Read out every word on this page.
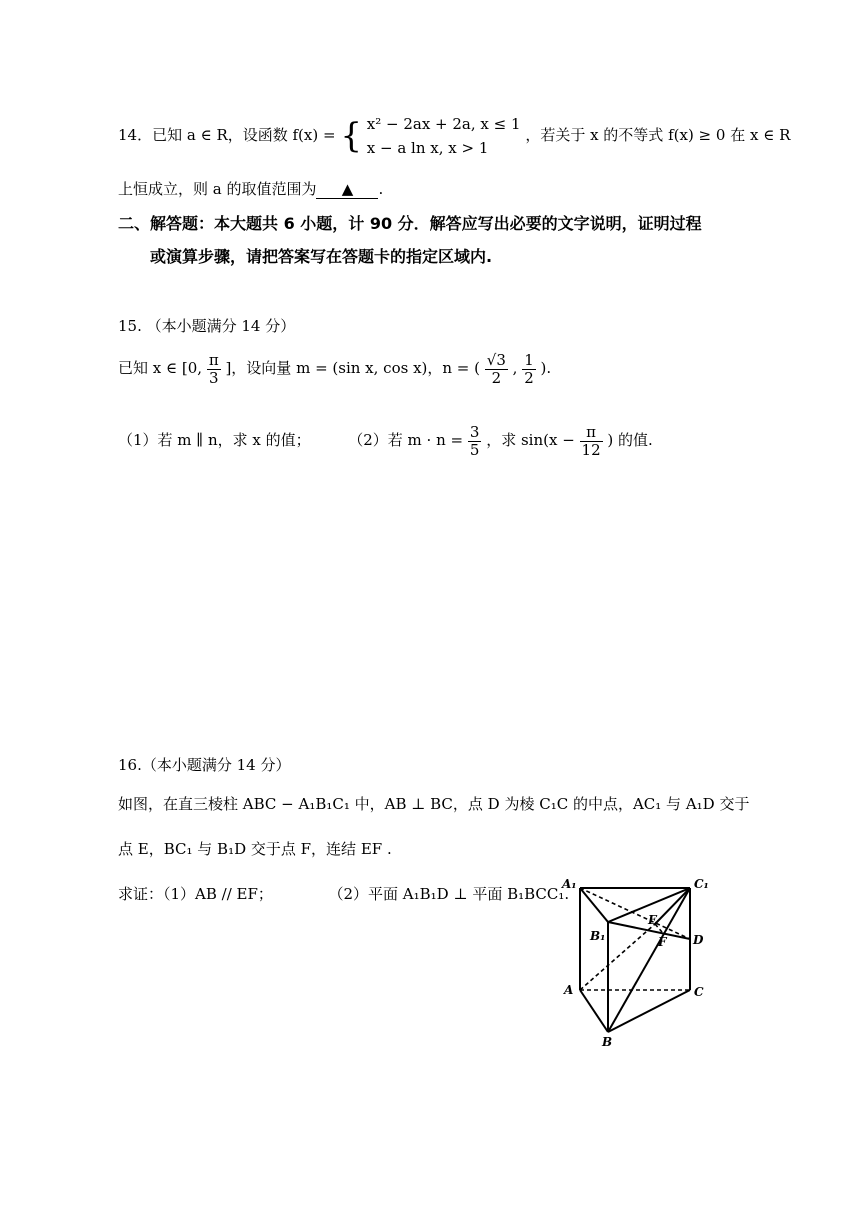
14．已知 a ∈ R，设函数 f(x) = { x² − 2ax + 2a, x ≤ 1
x − a ln x, x > 1
，若关于 x 的不等式 f(x) ≥ 0 在 x ∈ R
上恒成立，则 a 的取值范围为 ▲ .
二、解答题：本大题共 6 小题，计 90 分．解答应写出必要的文字说明，证明过程
或演算步骤，请把答案写在答题卡的指定区域内.
15. （本小题满分 14 分）
已知 x ∈ [0, $\frac{\pi}{3}$ ]，设向量 m = (sin x, cos x)，n = ( $\frac{√3}{2}$ , $\frac{1}{2}$ ).
（1）若 m ∥ n，求 x 的值；	（2）若 $m \cdot n = \frac{3}{5}$ ，求 $\sin(x - \frac{\pi}{12}$ ) 的值.
16.（本小题满分 14 分）
如图，在直三棱柱 ABC − A₁B₁C₁ 中，AB ⊥ BC，点 D 为棱 C₁C 的中点，AC₁ 与 A₁D 交于
点 E，BC₁ 与 B₁D 交于点 F，连结 EF .
求证：（1）AB // EF；	（2）平面 A₁B₁D ⊥ 平面 B₁BCC₁.
A₁	C₁
B₁
E
F D
A	C
B
